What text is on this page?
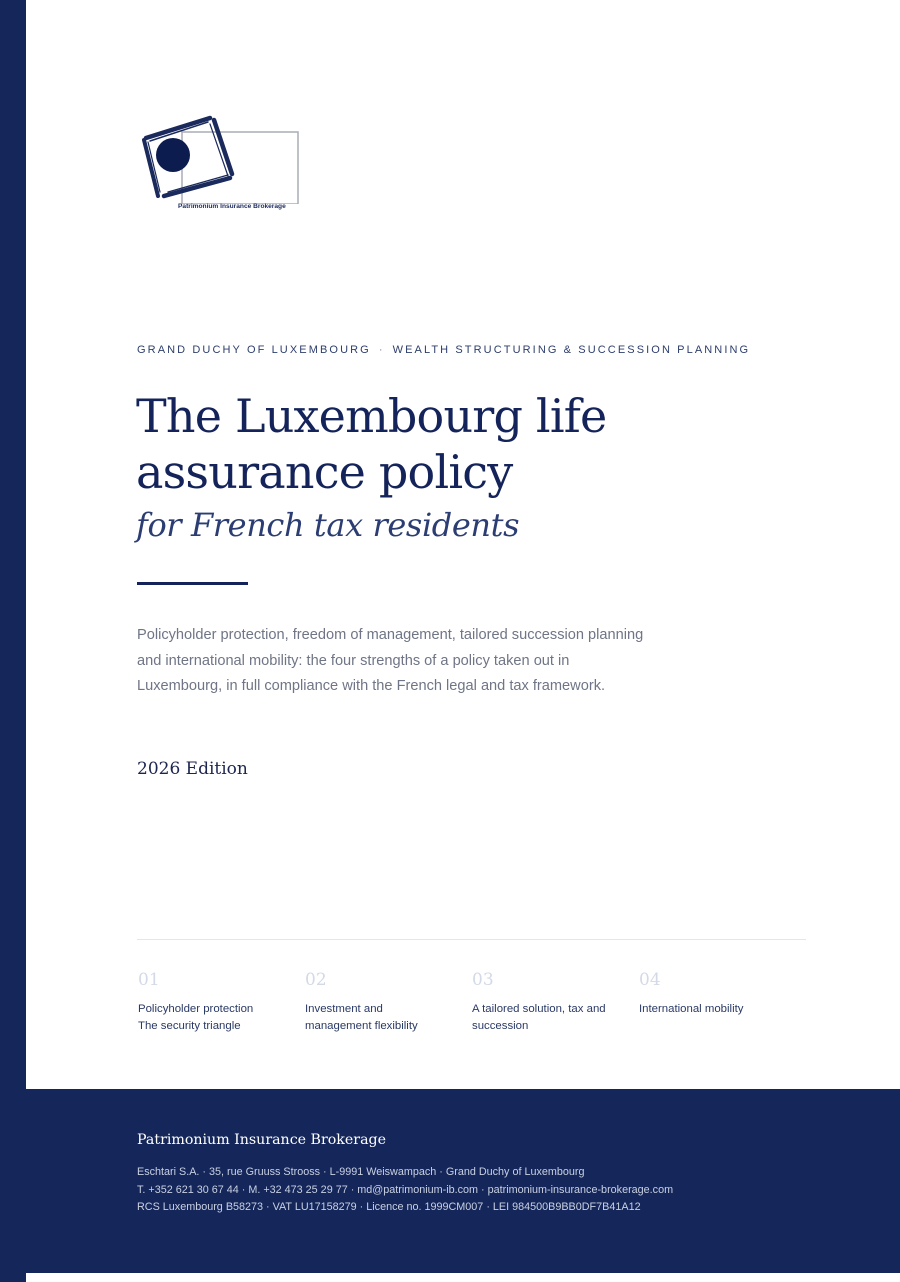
Patrimonium Insurance Brokerage
GRAND DUCHY OF LUXEMBOURG · WEALTH STRUCTURING & SUCCESSION PLANNING
The Luxembourg life
assurance policy
for French tax residents

Policyholder protection, freedom of management, tailored succession planning and international mobility: the four strengths of a policy taken out in Luxembourg, in full compliance with the French legal and tax framework.

2026 Edition
01
Policyholder protection
The security triangle
02
Investment and
management flexibility
03
A tailored solution, tax and
succession
04
International mobility
Patrimonium Insurance Brokerage
Eschtari S.A. · 35, rue Gruuss Strooss · L-9991 Weiswampach · Grand Duchy of Luxembourg
T. +352 621 30 67 44 · M. +32 473 25 29 77 · md@patrimonium-ib.com · patrimonium-insurance-brokerage.com
RCS Luxembourg B58273 · VAT LU17158279 · Licence no. 1999CM007 · LEI 984500B9BB0DF7B41A12
